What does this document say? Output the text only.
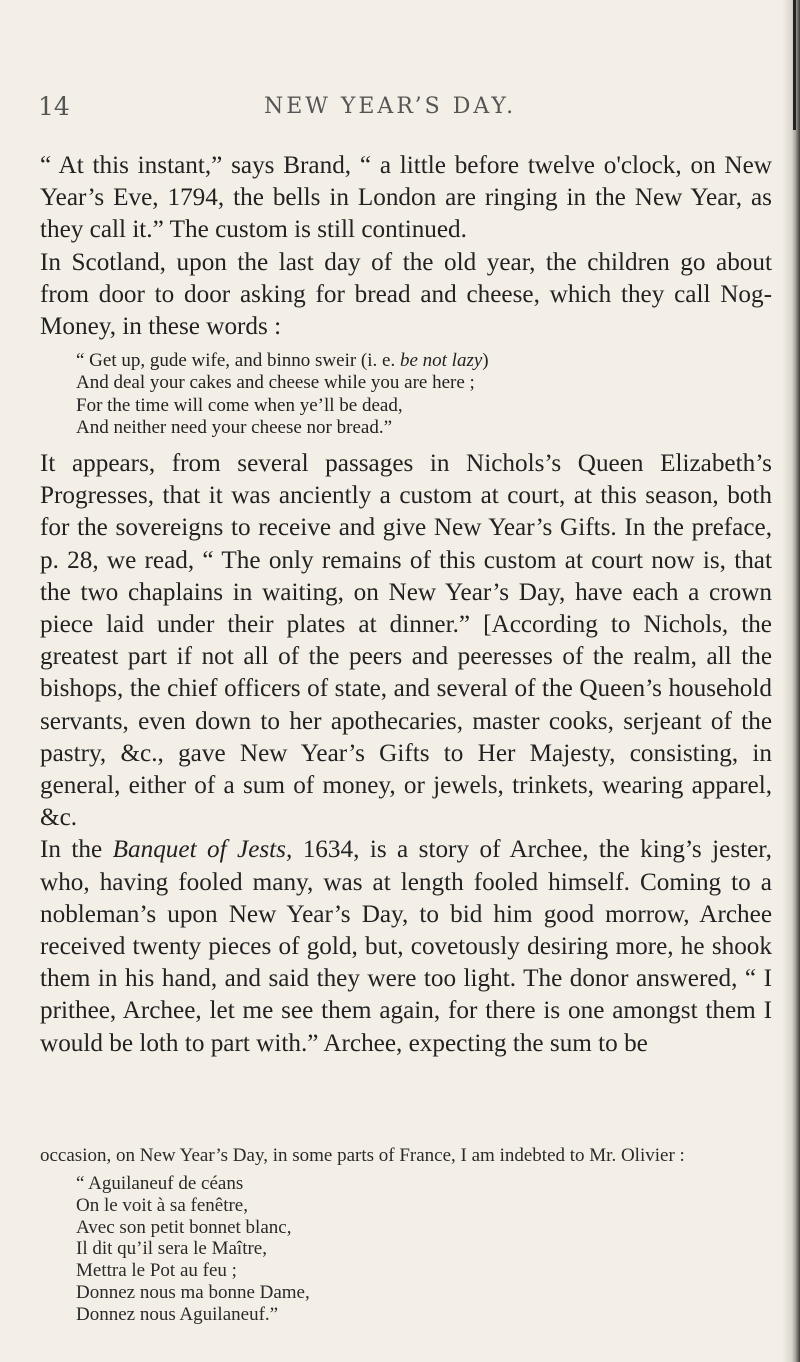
14	NEW YEAR’S DAY.

“ At this instant,” says Brand, “ a little before twelve o'clock, on New Year’s Eve, 1794, the bells in London are ringing in the New Year, as they call it.” The custom is still continued.

In Scotland, upon the last day of the old year, the children go about from door to door asking for bread and cheese, which they call Nog-Money, in these words :

“ Get up, gude wife, and binno sweir (i. e. be not lazy)
And deal your cakes and cheese while you are here ;
For the time will come when ye’ll be dead,
And neither need your cheese nor bread.”

It appears, from several passages in Nichols’s Queen Elizabeth’s Progresses, that it was anciently a custom at court, at this season, both for the sovereigns to receive and give New Year’s Gifts. In the preface, p. 28, we read, “ The only remains of this custom at court now is, that the two chaplains in waiting, on New Year’s Day, have each a crown piece laid under their plates at dinner.” [According to Nichols, the greatest part if not all of the peers and peeresses of the realm, all the bishops, the chief officers of state, and several of the Queen’s household servants, even down to her apothecaries, master cooks, serjeant of the pastry, &c., gave New Year’s Gifts to Her Majesty, consisting, in general, either of a sum of money, or jewels, trinkets, wearing apparel, &c.

In the Banquet of Jests, 1634, is a story of Archee, the king’s jester, who, having fooled many, was at length fooled himself. Coming to a nobleman’s upon New Year’s Day, to bid him good morrow, Archee received twenty pieces of gold, but, covetously desiring more, he shook them in his hand, and said they were too light. The donor answered, “ I prithee, Archee, let me see them again, for there is one amongst them I would be loth to part with.” Archee, expecting the sum to be

occasion, on New Year’s Day, in some parts of France, I am indebted to Mr. Olivier :

“ Aguilaneuf de céans
On le voit à sa fenêtre,
Avec son petit bonnet blanc,
Il dit qu’il sera le Maître,
Mettra le Pot au feu ;
Donnez nous ma bonne Dame,
Donnez nous Aguilaneuf.”
